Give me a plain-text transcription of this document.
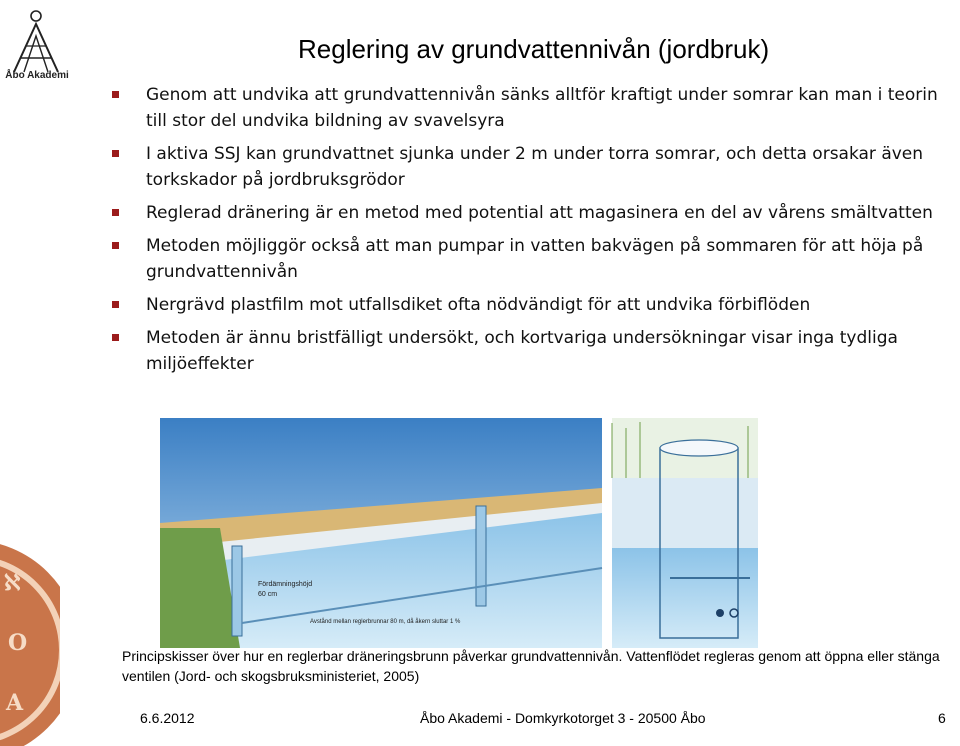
Åbo Akademi
ℵ
O
A
Reglering av grundvattennivån (jordbruk)
Genom att undvika att grundvattennivån sänks alltför kraftigt under somrar kan man i teorin till stor del undvika bildning av svavelsyra
I aktiva SSJ kan grundvattnet sjunka under 2 m under torra somrar, och detta orsakar även torkskador på jordbruksgrödor
Reglerad dränering är en metod med potential att magasinera en del av vårens smältvatten
Metoden möjliggör också att man pumpar in vatten bakvägen på sommaren för att höja på grundvattennivån
Nergrävd plastfilm mot utfallsdiket ofta nödvändigt för att undvika förbiflöden
Metoden är ännu bristfälligt undersökt, och kortvariga undersökningar visar inga tydliga miljöeffekter
Fördämningshöjd
60 cm
Avstånd mellan reglerbrunnar 80 m, då åkern sluttar 1 %
Principskisser över hur en reglerbar dräneringsbrunn påverkar grundvattennivån. Vattenflödet regleras genom att öppna eller stänga ventilen (Jord- och skogsbruksministeriet, 2005)
6.6.2012	Åbo Akademi - Domkyrkotorget 3 - 20500 Åbo	6
